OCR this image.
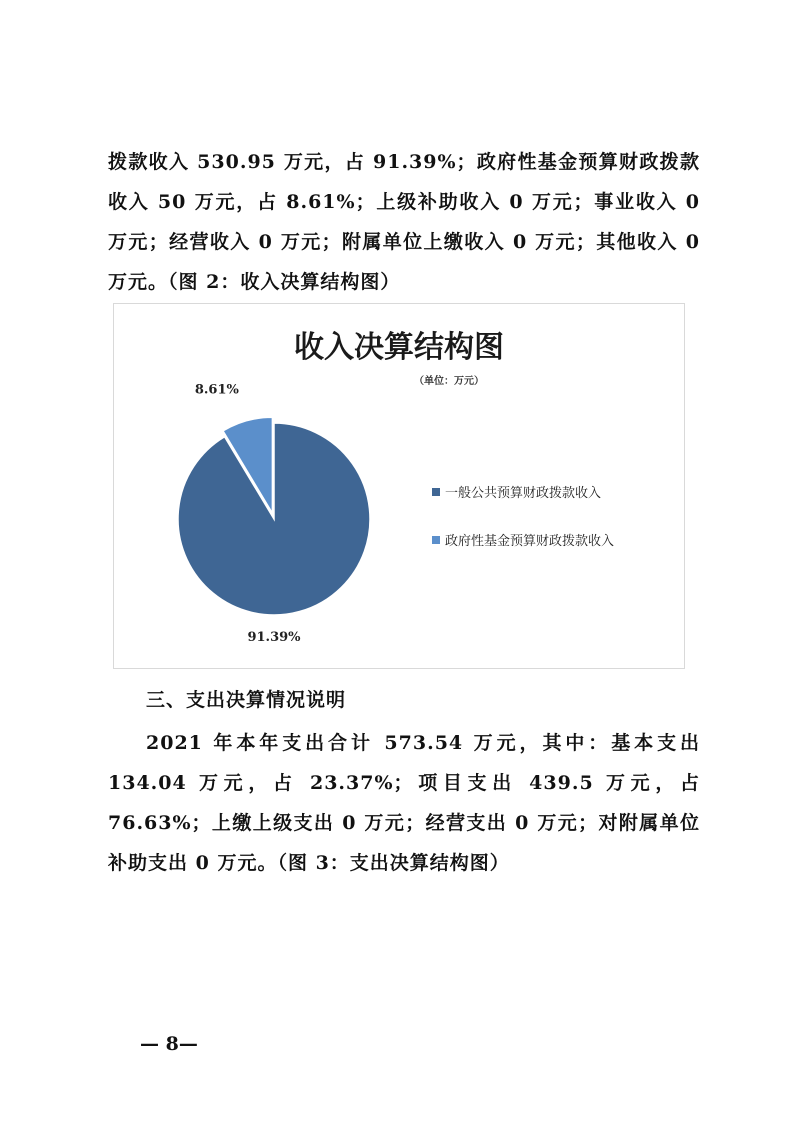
拨款收入 530.95 万元，占 91.39%；政府性基金预算财政拨款收入 50 万元，占 8.61%；上级补助收入 0 万元；事业收入 0 万元；经营收入 0 万元；附属单位上缴收入 0 万元；其他收入 0 万元。（图 2：收入决算结构图）

收入决算结构图

（单位：万元）
91.39%
8.61%
一般公共预算财政拨款收入
政府性基金预算财政拨款收入

三、支出决算情况说明

2021 年本年支出合计 573.54 万元，其中：基本支出 134.04 万元，占 23.37%；项目支出 439.5 万元，占 76.63%；上缴上级支出 0 万元；经营支出 0 万元；对附属单位补助支出 0 万元。（图 3：支出决算结构图）

— 8—
